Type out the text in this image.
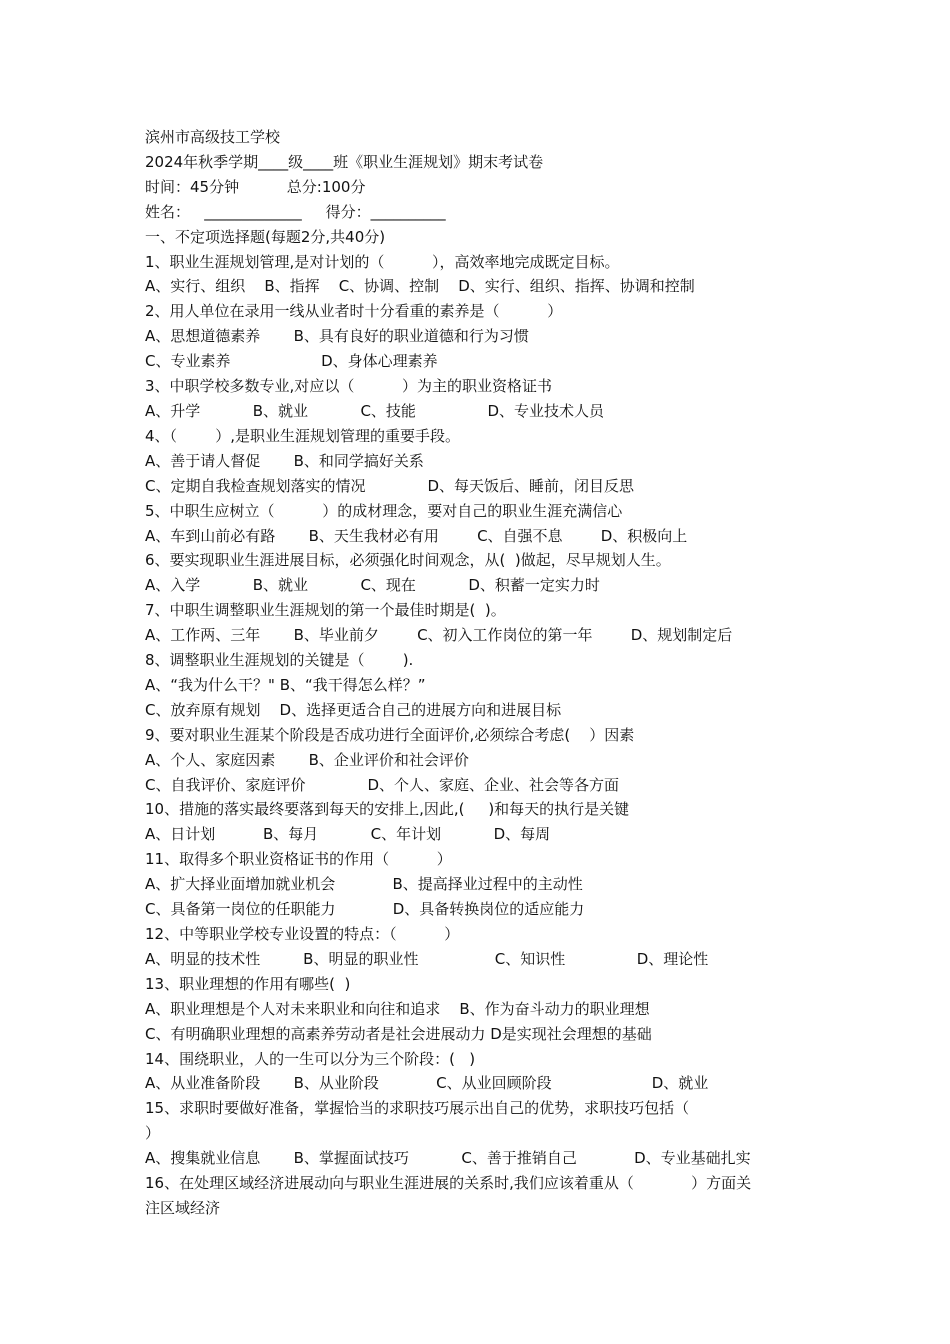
滨州市高级技工学校
2024年秋季学期____级____班《职业生涯规划》期末考试卷
时间：45分钟          总分:100分
姓名：   _____________     得分：__________
一、不定项选择题(每题2分,共40分)
1、职业生涯规划管理,是对计划的（          ），高效率地完成既定目标。
A、实行、组织    B、指挥    C、协调、控制    D、实行、组织、指挥、协调和控制
2、用人单位在录用一线从业者时十分看重的素养是（          ）
A、思想道德素养       B、具有良好的职业道德和行为习惯
C、专业素养                   D、身体心理素养
3、中职学校多数专业,对应以（          ）为主的职业资格证书
A、升学           B、就业           C、技能               D、专业技术人员
4、（        ）,是职业生涯规划管理的重要手段。
A、善于请人督促       B、和同学搞好关系
C、定期自我检查规划落实的情况             D、每天饭后、睡前，闭目反思
5、中职生应树立（          ）的成材理念，要对自己的职业生涯充满信心
A、车到山前必有路       B、天生我材必有用        C、自强不息        D、积极向上
6、要实现职业生涯进展目标，必须强化时间观念，从(  )做起，尽早规划人生。
A、入学           B、就业           C、现在           D、积蓄一定实力时
7、中职生调整职业生涯规划的第一个最佳时期是(  )。
A、工作两、三年       B、毕业前夕        C、初入工作岗位的第一年        D、规划制定后
8、调整职业生涯规划的关键是（        ).
A、“我为什么干？" B、“我干得怎么样？”
C、放弃原有规划    D、选择更适合自己的进展方向和进展目标
9、要对职业生涯某个阶段是否成功进行全面评价,必须综合考虑(    ）因素
A、个人、家庭因素       B、企业评价和社会评价
C、自我评价、家庭评价             D、个人、家庭、企业、社会等各方面
10、措施的落实最终要落到每天的安排上,因此,(     )和每天的执行是关键
A、日计划          B、每月           C、年计划           D、每周
11、取得多个职业资格证书的作用（          ）
A、扩大择业面增加就业机会            B、提高择业过程中的主动性
C、具备第一岗位的任职能力            D、具备转换岗位的适应能力
12、中等职业学校专业设置的特点：（          ）
A、明显的技术性         B、明显的职业性                C、知识性               D、理论性
13、职业理想的作用有哪些(  )
A、职业理想是个人对未来职业和向往和追求    B、作为奋斗动力的职业理想
C、有明确职业理想的高素养劳动者是社会进展动力 D是实现社会理想的基础
14、围绕职业，人的一生可以分为三个阶段：(   )
A、从业准备阶段       B、从业阶段            C、从业回顾阶段                     D、就业
15、求职时要做好准备，掌握恰当的求职技巧展示出自己的优势，求职技巧包括（
）
A、搜集就业信息       B、掌握面试技巧           C、善于推销自己            D、专业基础扎实
16、在处理区域经济进展动向与职业生涯进展的关系时,我们应该着重从（            ）方面关
注区域经济
